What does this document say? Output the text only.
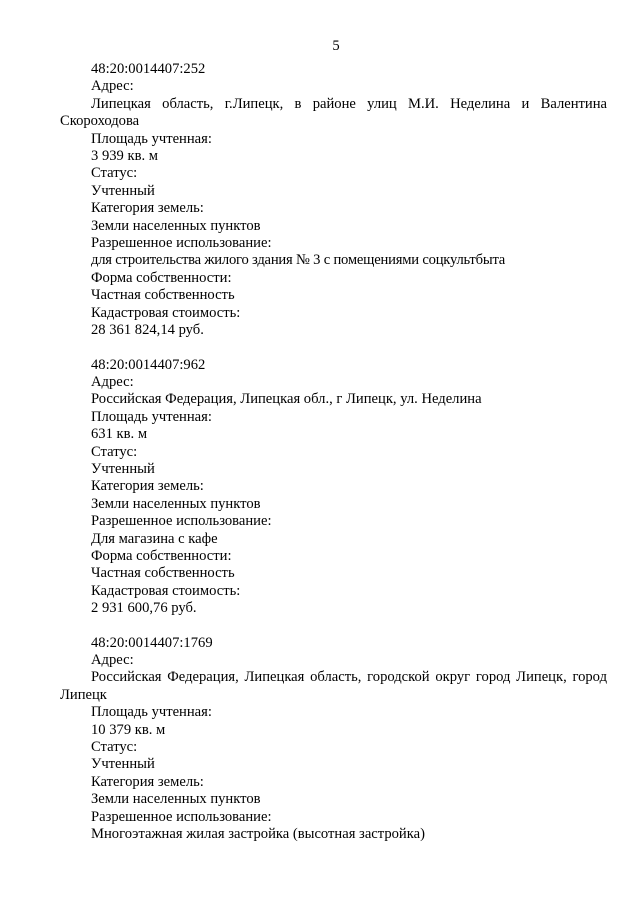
5
48:20:0014407:252
Адрес:
Липецкая область, г.Липецк, в районе улиц М.И. Неделина и Валентина
Скороходова
Площадь учтенная:
3 939 кв. м
Статус:
Учтенный
Категория земель:
Земли населенных пунктов
Разрешенное использование:
для строительства жилого здания № 3 с помещениями соцкультбыта
Форма собственности:
Частная собственность
Кадастровая стоимость:
28 361 824,14 руб.
48:20:0014407:962
Адрес:
Российская Федерация, Липецкая обл., г Липецк, ул. Неделина
Площадь учтенная:
631 кв. м
Статус:
Учтенный
Категория земель:
Земли населенных пунктов
Разрешенное использование:
Для магазина с кафе
Форма собственности:
Частная собственность
Кадастровая стоимость:
2 931 600,76 руб.
48:20:0014407:1769
Адрес:
Российская Федерация, Липецкая область, городской округ город Липецк, город
Липецк
Площадь учтенная:
10 379 кв. м
Статус:
Учтенный
Категория земель:
Земли населенных пунктов
Разрешенное использование:
Многоэтажная жилая застройка (высотная застройка)
